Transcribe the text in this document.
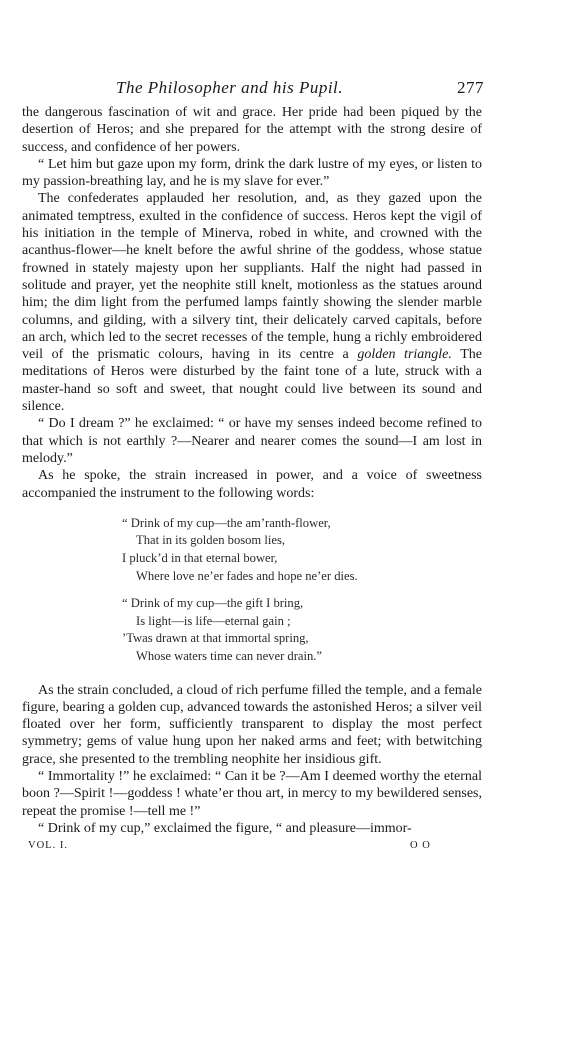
The Philosopher and his Pupil.	277

the dangerous fascination of wit and grace. Her pride had been piqued by the desertion of Heros; and she prepared for the attempt with the strong desire of success, and confidence of her powers.

“ Let him but gaze upon my form, drink the dark lustre of my eyes, or listen to my passion-breathing lay, and he is my slave for ever.”

The confederates applauded her resolution, and, as they gazed upon the animated temptress, exulted in the confidence of success. Heros kept the vigil of his initiation in the temple of Minerva, robed in white, and crowned with the acanthus-flower—he knelt before the awful shrine of the goddess, whose statue frowned in stately majesty upon her suppliants. Half the night had passed in solitude and prayer, yet the neophite still knelt, motionless as the statues around him; the dim light from the perfumed lamps faintly showing the slender marble columns, and gilding, with a silvery tint, their delicately carved capitals, before an arch, which led to the secret recesses of the temple, hung a richly embroidered veil of the prismatic colours, having in its centre a golden triangle. The meditations of Heros were disturbed by the faint tone of a lute, struck with a master-hand so soft and sweet, that nought could live between its sound and silence.

“ Do I dream ?” he exclaimed: “ or have my senses indeed become refined to that which is not earthly ?—Nearer and nearer comes the sound—I am lost in melody.”

As he spoke, the strain increased in power, and a voice of sweetness accompanied the instrument to the following words:

“ Drink of my cup—the am’ranth-flower,
That in its golden bosom lies,
I pluck’d in that eternal bower,
Where love ne’er fades and hope ne’er dies.
“ Drink of my cup—the gift I bring,
Is light—is life—eternal gain ;
’Twas drawn at that immortal spring,
Whose waters time can never drain.”

As the strain concluded, a cloud of rich perfume filled the temple, and a female figure, bearing a golden cup, advanced towards the astonished Heros; a silver veil floated over her form, sufficiently transparent to display the most perfect symmetry; gems of value hung upon her naked arms and feet; with betwitching grace, she presented to the trembling neophite her insidious gift.

“ Immortality !” he exclaimed: “ Can it be ?—Am I deemed worthy the eternal boon ?—Spirit !—goddess ! whate’er thou art, in mercy to my bewildered senses, repeat the promise !—tell me !”

“ Drink of my cup,” exclaimed the figure, “ and pleasure—immor-

VOL. I.	O O
